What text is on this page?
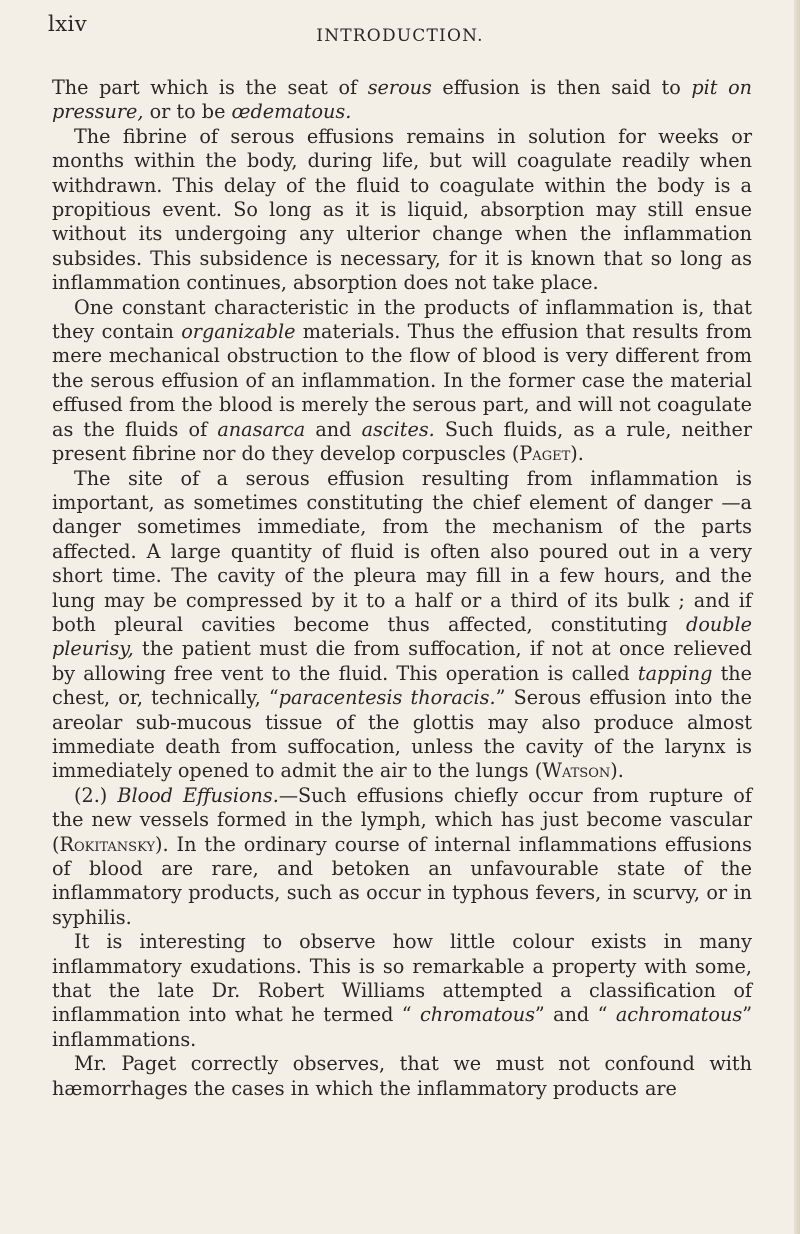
lxiv	INTRODUCTION.

The part which is the seat of serous effusion is then said to pit on pressure, or to be œdematous.

The fibrine of serous effusions remains in solution for weeks or months within the body, during life, but will coagulate readily when withdrawn. This delay of the fluid to coagulate within the body is a propitious event. So long as it is liquid, absorption may still ensue without its undergoing any ulterior change when the inflammation subsides. This subsidence is necessary, for it is known that so long as inflammation continues, absorption does not take place.

One constant characteristic in the products of inflammation is, that they contain organizable materials. Thus the effusion that results from mere mechanical obstruction to the flow of blood is very different from the serous effusion of an inflammation. In the former case the material effused from the blood is merely the serous part, and will not coagulate as the fluids of anasarca and ascites. Such fluids, as a rule, neither present fibrine nor do they develop corpuscles (Paget).

The site of a serous effusion resulting from inflammation is important, as sometimes constituting the chief element of danger —a danger sometimes immediate, from the mechanism of the parts affected. A large quantity of fluid is often also poured out in a very short time. The cavity of the pleura may fill in a few hours, and the lung may be compressed by it to a half or a third of its bulk ; and if both pleural cavities become thus affected, constituting double pleurisy, the patient must die from suffocation, if not at once relieved by allowing free vent to the fluid. This operation is called tapping the chest, or, technically, “paracentesis thoracis.” Serous effusion into the areolar sub-mucous tissue of the glottis may also produce almost immediate death from suffocation, unless the cavity of the larynx is immediately opened to admit the air to the lungs (Watson).

(2.) Blood Effusions.—Such effusions chiefly occur from rupture of the new vessels formed in the lymph, which has just become vascular (Rokitansky). In the ordinary course of internal inflammations effusions of blood are rare, and betoken an unfavourable state of the inflammatory products, such as occur in typhous fevers, in scurvy, or in syphilis.

It is interesting to observe how little colour exists in many inflammatory exudations. This is so remarkable a property with some, that the late Dr. Robert Williams attempted a classification of inflammation into what he termed “ chromatous” and “ achromatous” inflammations.

Mr. Paget correctly observes, that we must not confound with hæmorrhages the cases in which the inflammatory products are
